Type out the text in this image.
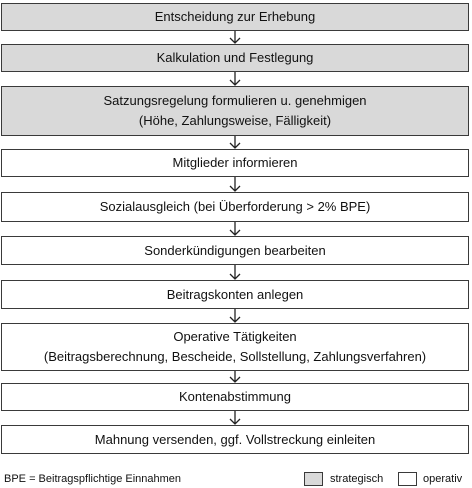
Entscheidung zur Erhebung
Kalkulation und Festlegung
Satzungsregelung formulieren u. genehmigen
(Höhe, Zahlungsweise, Fälligkeit)
Mitglieder informieren
Sozialausgleich (bei Überforderung > 2% BPE)
Sonderkündigungen bearbeiten
Beitragskonten anlegen
Operative Tätigkeiten
(Beitragsberechnung, Bescheide, Sollstellung, Zahlungsverfahren)
Kontenabstimmung
Mahnung versenden, ggf. Vollstreckung einleiten
BPE = Beitragspflichtige Einnahmen	strategisch	operativ
